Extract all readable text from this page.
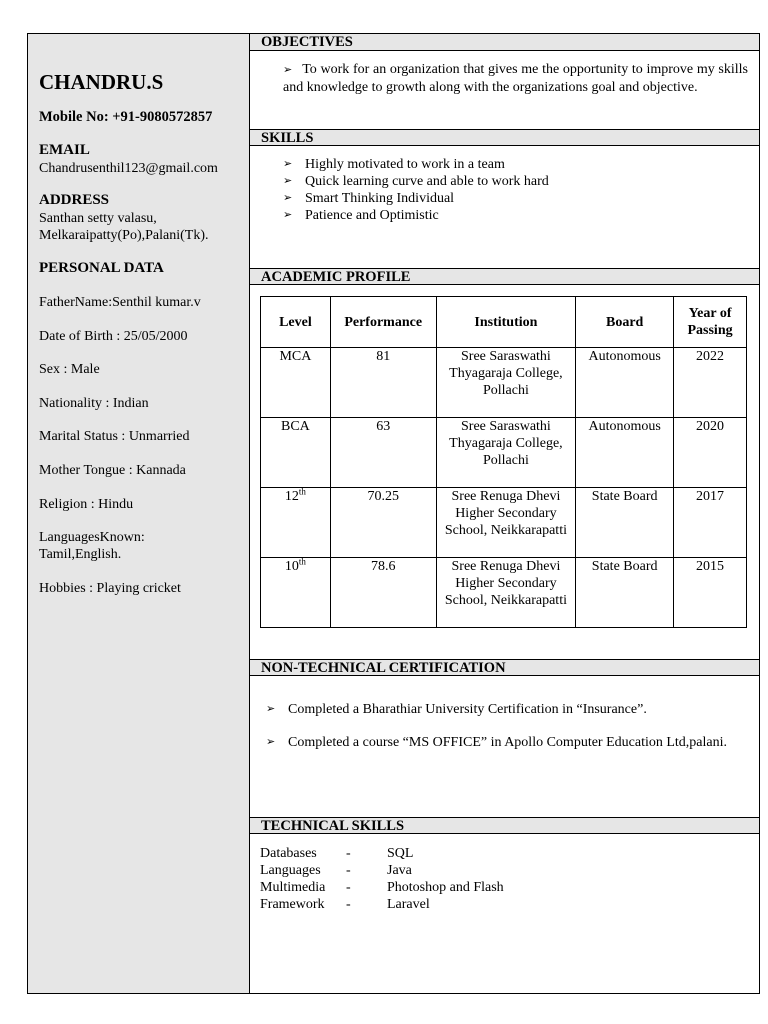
CHANDRU.S
Mobile No: +91-9080572857
EMAIL
Chandrusenthil123@gmail.com
ADDRESS
Santhan setty valasu,
Melkaraipatty(Po),Palani(Tk).
PERSONAL DATA
FatherName:Senthil kumar.v
Date of Birth : 25/05/2000
Sex : Male
Nationality : Indian
Marital Status : Unmarried
Mother Tongue : Kannada
Religion : Hindu
LanguagesKnown:
Tamil,English.
Hobbies : Playing cricket
OBJECTIVES
➢ To work for an organization that gives me the opportunity to improve my skills and knowledge to growth along with the organizations goal and objective.
SKILLS
➢ Highly motivated to work in a team
➢ Quick learning curve and able to work hard
➢ Smart Thinking Individual
➢ Patience and Optimistic
ACADEMIC PROFILE
Level	Performance	Institution	Board	Year of Passing
MCA	81	Sree Saraswathi Thyagaraja College, Pollachi	Autonomous	2022
BCA	63	Sree Saraswathi Thyagaraja College, Pollachi	Autonomous	2020
12th	70.25	Sree Renuga Dhevi Higher Secondary School, Neikkarapatti	State Board	2017
10th	78.6	Sree Renuga Dhevi Higher Secondary School, Neikkarapatti	State Board	2015
NON-TECHNICAL CERTIFICATION
➢ Completed a Bharathiar University Certification in “Insurance”.
➢ Completed a course “MS OFFICE” in Apollo Computer Education Ltd,palani.
TECHNICAL SKILLS
Databases	-	SQL
Languages	-	Java
Multimedia	-	Photoshop and Flash
Framework	-	Laravel
